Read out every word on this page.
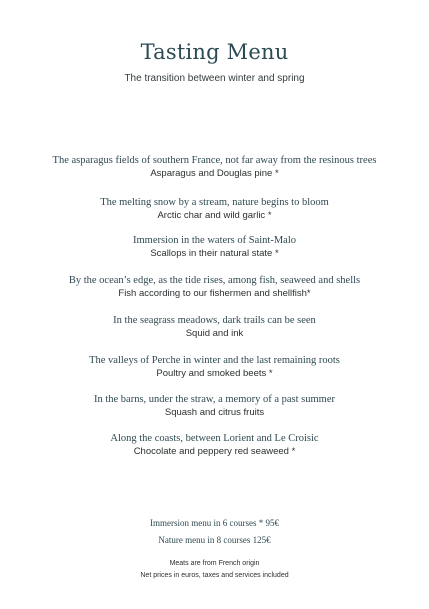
Tasting Menu
The transition between winter and spring
The asparagus fields of southern France, not far away from the resinous trees
Asparagus and Douglas pine *
The melting snow by a stream, nature begins to bloom
Arctic char and wild garlic *
Immersion in the waters of Saint-Malo
Scallops in their natural state *
By the ocean’s edge, as the tide rises, among fish, seaweed and shells
Fish according to our fishermen and shellfish*
In the seagrass meadows, dark trails can be seen
Squid and ink
The valleys of Perche in winter and the last remaining roots
Poultry and smoked beets *
In the barns, under the straw, a memory of a past summer
Squash and citrus fruits
Along the coasts, between Lorient and Le Croisic
Chocolate and peppery red seaweed *
Immersion menu in 6 courses * 95€
Nature menu in 8 courses 125€
Meats are from French origin
Net prices in euros, taxes and services included
